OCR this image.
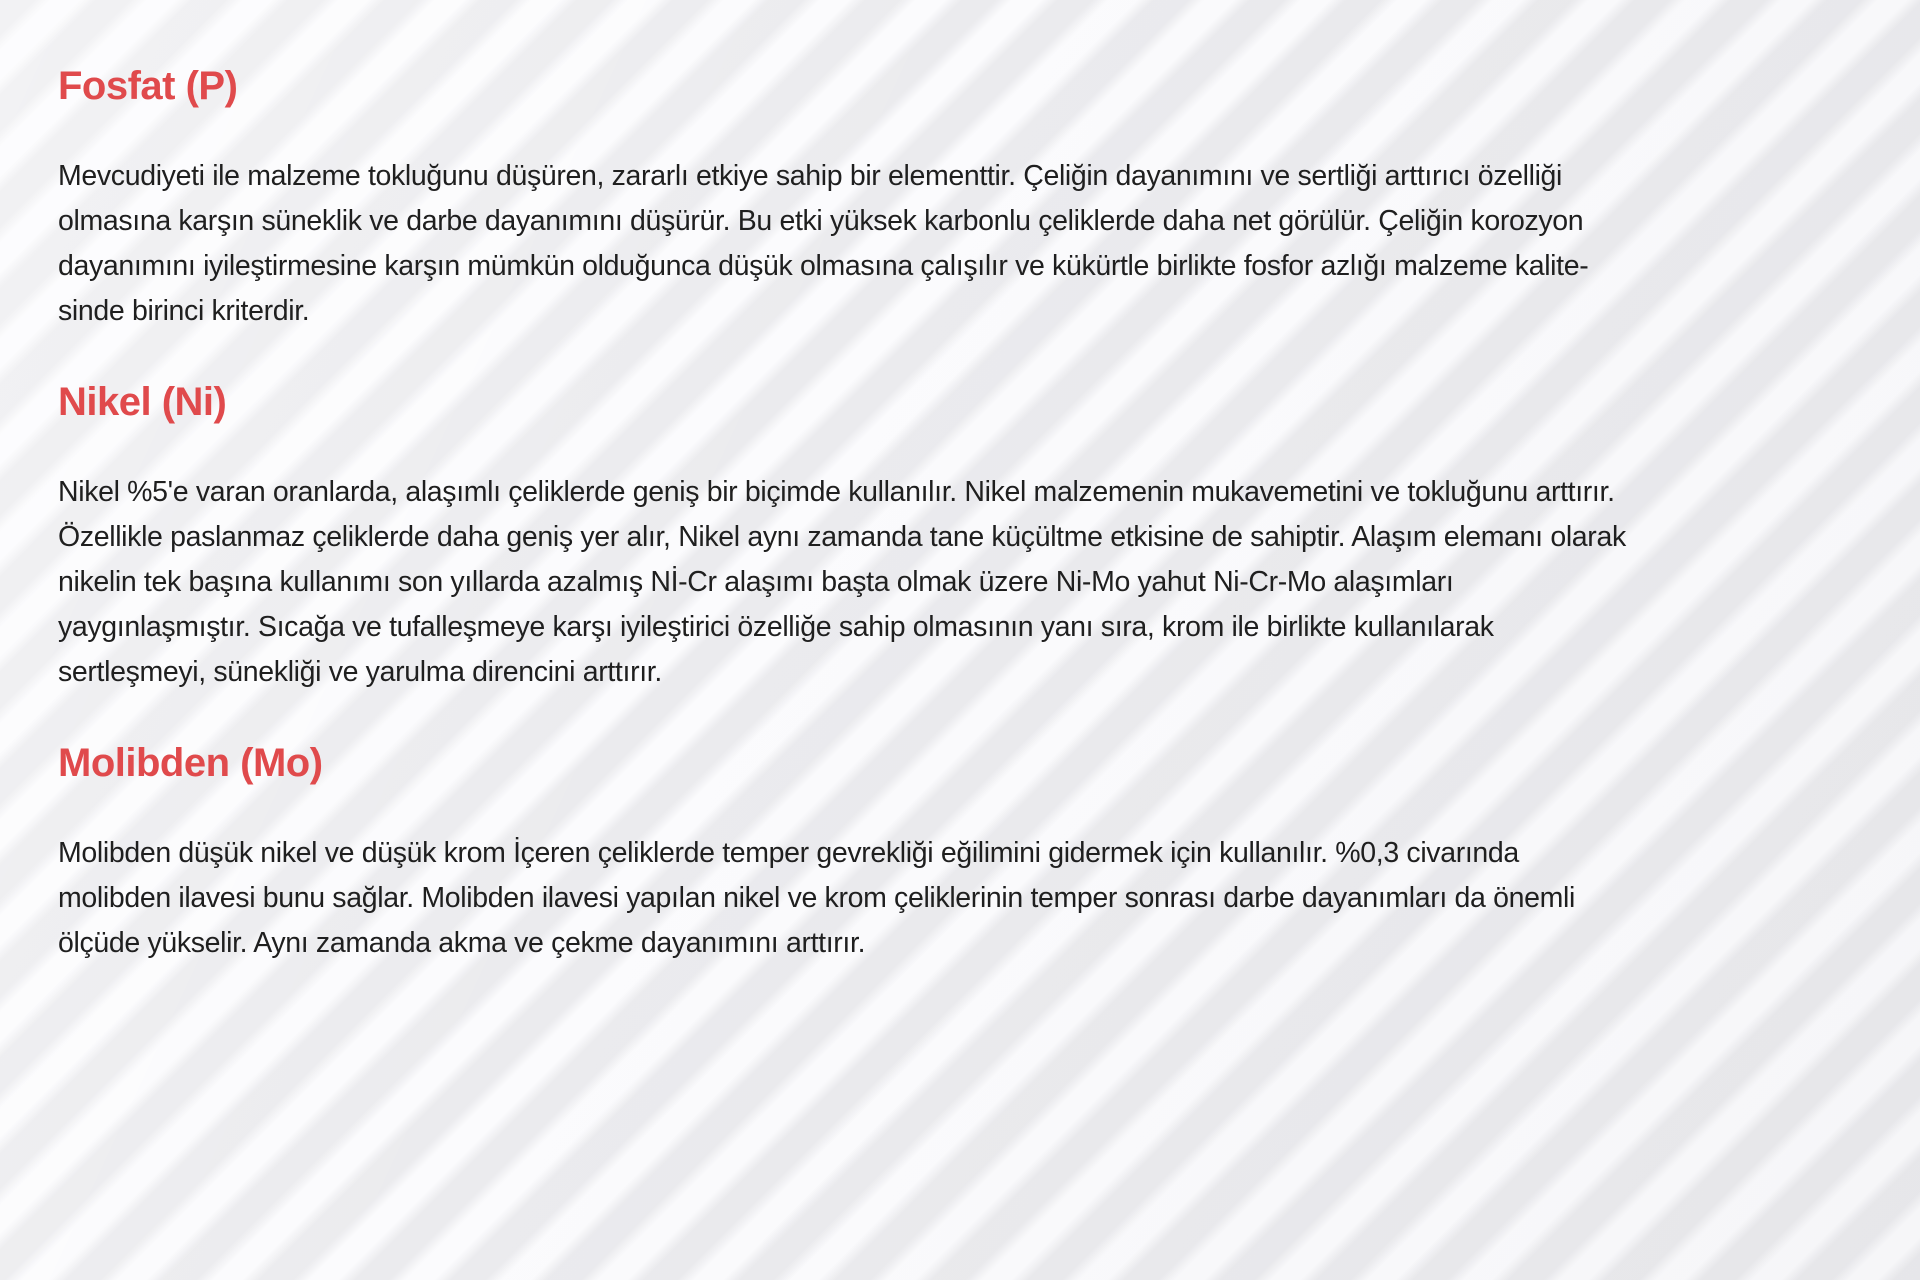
Fosfat (P)
Mevcudiyeti ile malzeme tokluğunu düşüren, zararlı etkiye sahip bir elementtir. Çeliğin dayanımını ve sertliği arttırıcı özelliği
olmasına karşın süneklik ve darbe dayanımını düşürür. Bu etki yüksek karbonlu çeliklerde daha net görülür. Çeliğin korozyon
dayanımını iyileştirmesine karşın mümkün olduğunca düşük olmasına çalışılır ve kükürtle birlikte fosfor azlığı malzeme kalite-
sinde birinci kriterdir.
Nikel (Ni)
Nikel %5'e varan oranlarda, alaşımlı çeliklerde geniş bir biçimde kullanılır. Nikel malzemenin mukavemetini ve tokluğunu arttırır.
Özellikle paslanmaz çeliklerde daha geniş yer alır, Nikel aynı zamanda tane küçültme etkisine de sahiptir. Alaşım elemanı olarak
nikelin tek başına kullanımı son yıllarda azalmış Nİ-Cr alaşımı başta olmak üzere Ni-Mo yahut Ni-Cr-Mo alaşımları
yaygınlaşmıştır. Sıcağa ve tufalleşmeye karşı iyileştirici özelliğe sahip olmasının yanı sıra, krom ile birlikte kullanılarak
sertleşmeyi, sünekliği ve yarulma direncini arttırır.
Molibden (Mo)
Molibden düşük nikel ve düşük krom İçeren çeliklerde temper gevrekliği eğilimini gidermek için kullanılır. %0,3 civarında
molibden ilavesi bunu sağlar. Molibden ilavesi yapılan nikel ve krom çeliklerinin temper sonrası darbe dayanımları da önemli
ölçüde yükselir. Aynı zamanda akma ve çekme dayanımını arttırır.
